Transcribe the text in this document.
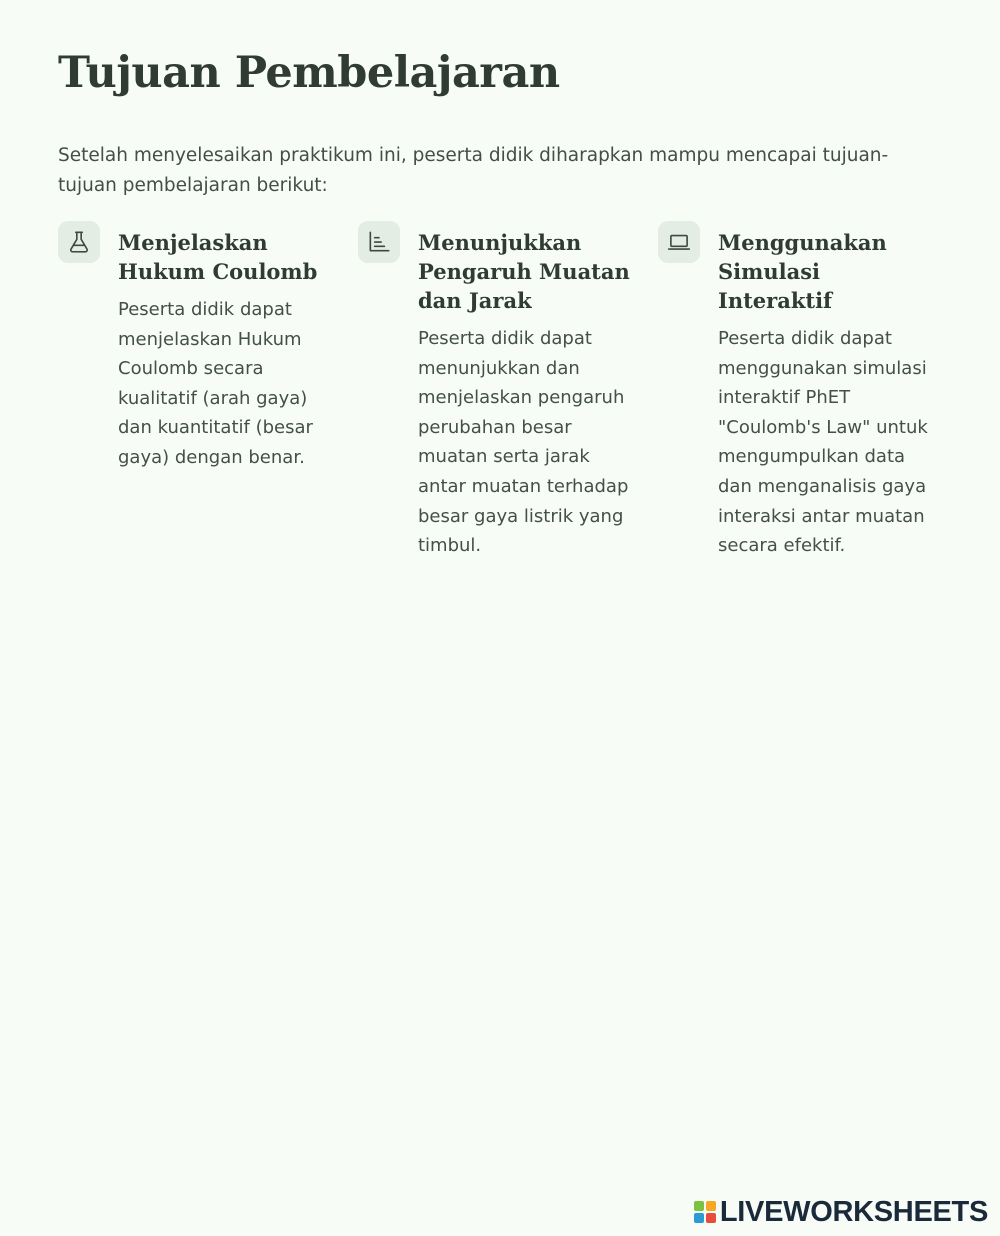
Tujuan Pembelajaran

Setelah menyelesaikan praktikum ini, peserta didik diharapkan mampu mencapai tujuan-tujuan pembelajaran berikut:

Menjelaskan Hukum Coulomb

Peserta didik dapat menjelaskan Hukum Coulomb secara kualitatif (arah gaya) dan kuantitatif (besar gaya) dengan benar.

Menunjukkan Pengaruh Muatan dan Jarak

Peserta didik dapat menunjukkan dan menjelaskan pengaruh perubahan besar muatan serta jarak antar muatan terhadap besar gaya listrik yang timbul.

Menggunakan Simulasi Interaktif

Peserta didik dapat menggunakan simulasi interaktif PhET "Coulomb's Law" untuk mengumpulkan data dan menganalisis gaya interaksi antar muatan secara efektif.

LIVEWORKSHEETS
